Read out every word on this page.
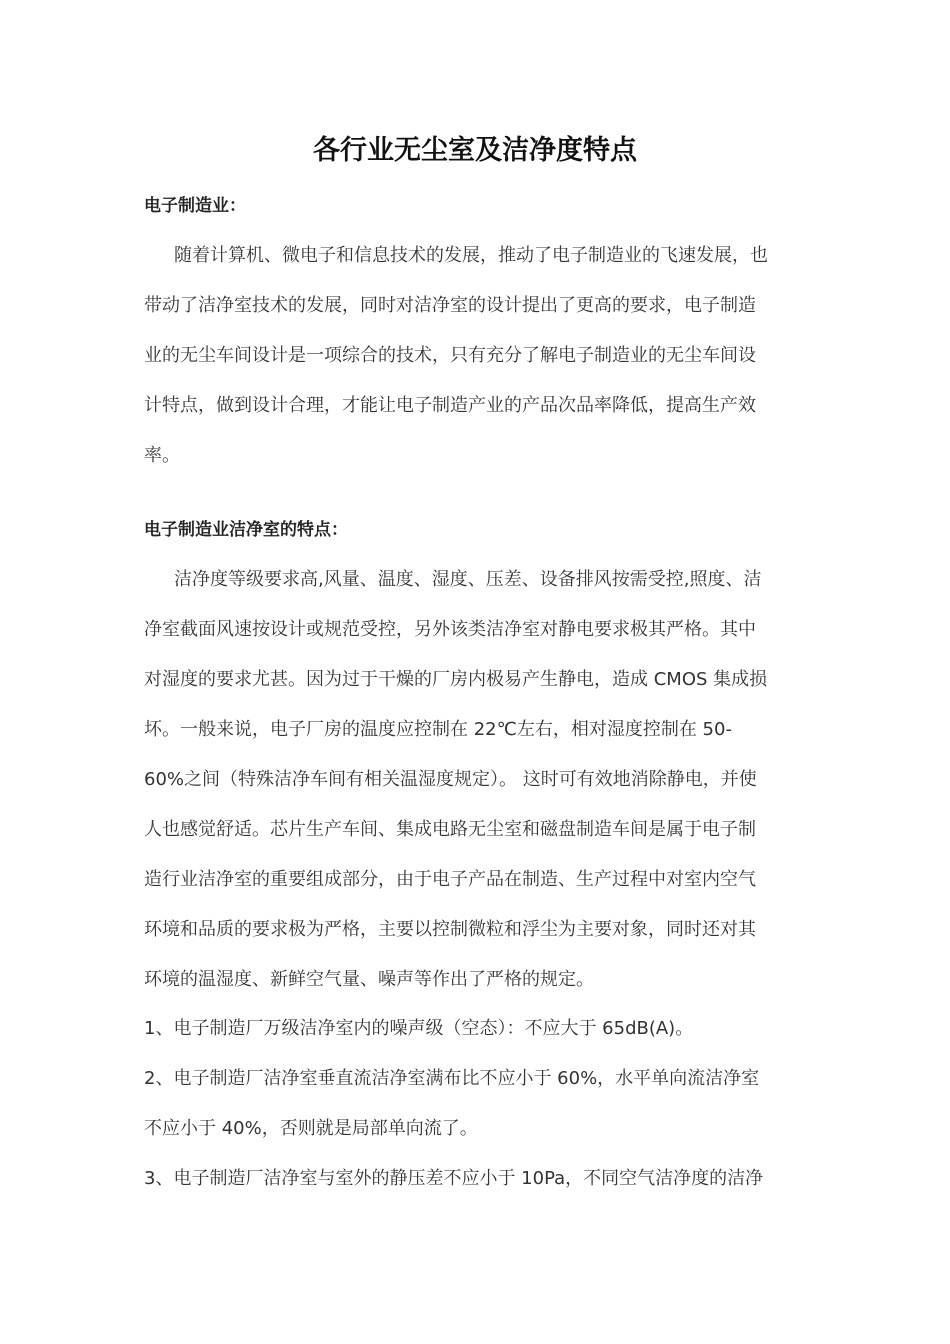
各行业无尘室及洁净度特点
电子制造业：
随着计算机、微电子和信息技术的发展，推动了电子制造业的飞速发展，也
带动了洁净室技术的发展，同时对洁净室的设计提出了更高的要求，电子制造
业的无尘车间设计是一项综合的技术，只有充分了解电子制造业的无尘车间设
计特点，做到设计合理，才能让电子制造产业的产品次品率降低，提高生产效
率。
电子制造业洁净室的特点：
洁净度等级要求高,风量、温度、湿度、压差、设备排风按需受控,照度、洁
净室截面风速按设计或规范受控，另外该类洁净室对静电要求极其严格。其中
对湿度的要求尤甚。因为过于干燥的厂房内极易产生静电，造成 CMOS 集成损
坏。一般来说，电子厂房的温度应控制在 22℃左右，相对湿度控制在 50-
60%之间（特殊洁净车间有相关温湿度规定）。 这时可有效地消除静电，并使
人也感觉舒适。芯片生产车间、集成电路无尘室和磁盘制造车间是属于电子制
造行业洁净室的重要组成部分，由于电子产品在制造、生产过程中对室内空气
环境和品质的要求极为严格，主要以控制微粒和浮尘为主要对象，同时还对其
环境的温湿度、新鲜空气量、噪声等作出了严格的规定。
1、电子制造厂万级洁净室内的噪声级（空态）：不应大于 65dB(A)。
2、电子制造厂洁净室垂直流洁净室满布比不应小于 60%，水平单向流洁净室
不应小于 40%，否则就是局部单向流了。
3、电子制造厂洁净室与室外的静压差不应小于 10Pa，不同空气洁净度的洁净
